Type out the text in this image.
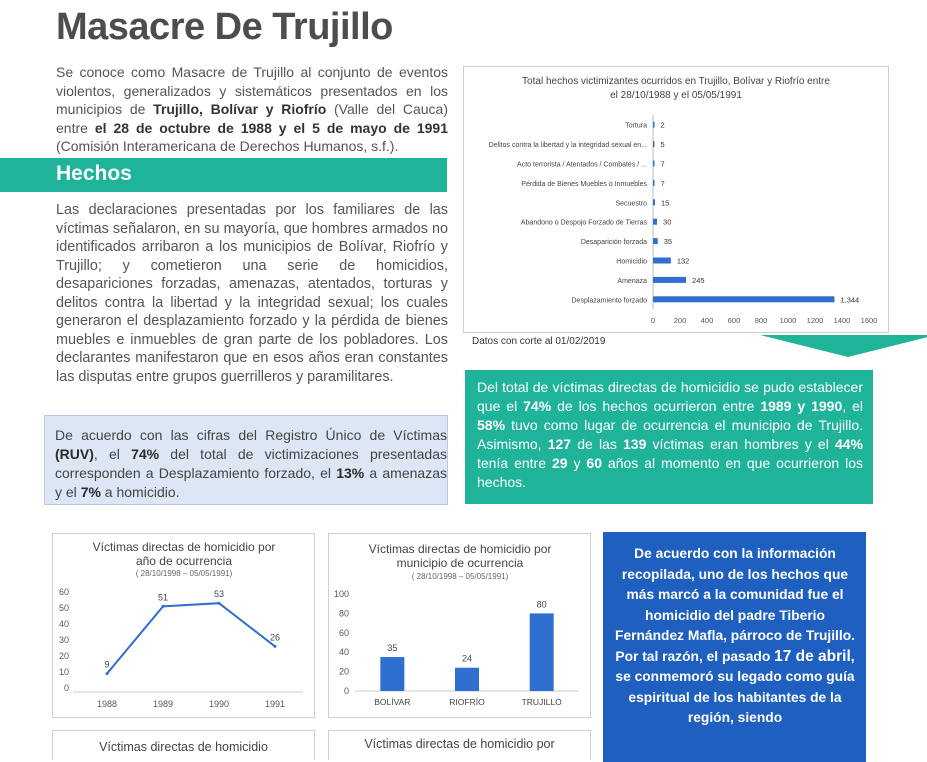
Masacre De Trujillo
Se conoce como Masacre de Trujillo al conjunto de eventos violentos, generalizados y sistemáticos presentados en los municipios de Trujillo, Bolívar y Riofrío (Valle del Cauca) entre el 28 de octubre de 1988 y el 5 de mayo de 1991 (Comisión Interamericana de Derechos Humanos, s.f.).
Hechos
Las declaraciones presentadas por los familiares de las víctimas señalaron, en su mayoría, que hombres armados no identificados arribaron a los municipios de Bolívar, Riofrío y Trujillo; y cometieron una serie de homicidios, desapariciones forzadas, amenazas, atentados, torturas y delitos contra la libertad y la integridad sexual; los cuales generaron el desplazamiento forzado y la pérdida de bienes muebles e inmuebles de gran parte de los pobladores. Los declarantes manifestaron que en esos años eran constantes las disputas entre grupos guerrilleros y paramilitares.
De acuerdo con las cifras del Registro Único de Víctimas (RUV), el 74% del total de victimizaciones presentadas corresponden a Desplazamiento forzado, el 13% a amenazas y el 7% a homicidio.
Total hechos victimizantes ocurridos en Trujillo, Bolívar y Riofrío entre
el 28/10/1988 y el 05/05/1991
Tortura 2
Delitos contra la libertad y la integridad sexual en... 5
Acto terrorista / Atentados / Combates / ... 7
Pérdida de Bienes Muebles o Inmuebles 7
Secuestro 15
Abandono o Despojo Forzado de Tierras 30
Desaparición forzada 35
Homicidio	132
Amenaza	245
Desplazamiento forzado	1.344
0 200 400 600 800 1000 1200 1400 1600
Datos con corte al 01/02/2019
Del total de víctimas directas de homicidio se pudo establecer que el 74% de los hechos ocurrieron entre 1989 y 1990, el 58% tuvo como lugar de ocurrencia el municipio de Trujillo. Asimismo, 127 de las 139 víctimas eran hombres y el 44% tenía entre 29 y 60 años al momento en que ocurrieron los hechos.
Víctimas directas de homicidio por
año de ocurrencia
( 28/10/1998 – 05/05/1991)
0
10
20
30
40
50
60
9
1988
51
1989
53
1990
26
1991
Víctimas directas de homicidio por
municipio de ocurrencia
( 28/10/1998 – 05/05/1991)
0
20
40
60
80
100
35
BOLÍVAR
24
RIOFRÍO
80
TRUJILLO
Víctimas directas de homicidio	Víctimas directas de homicidio por
De acuerdo con la información recopilada, uno de los hechos que más marcó a la comunidad fue el homicidio del padre Tiberio Fernández Mafla, párroco de Trujillo. Por tal razón, el pasado 17 de abril, se conmemoró su legado como guía espiritual de los habitantes de la región, siendo
